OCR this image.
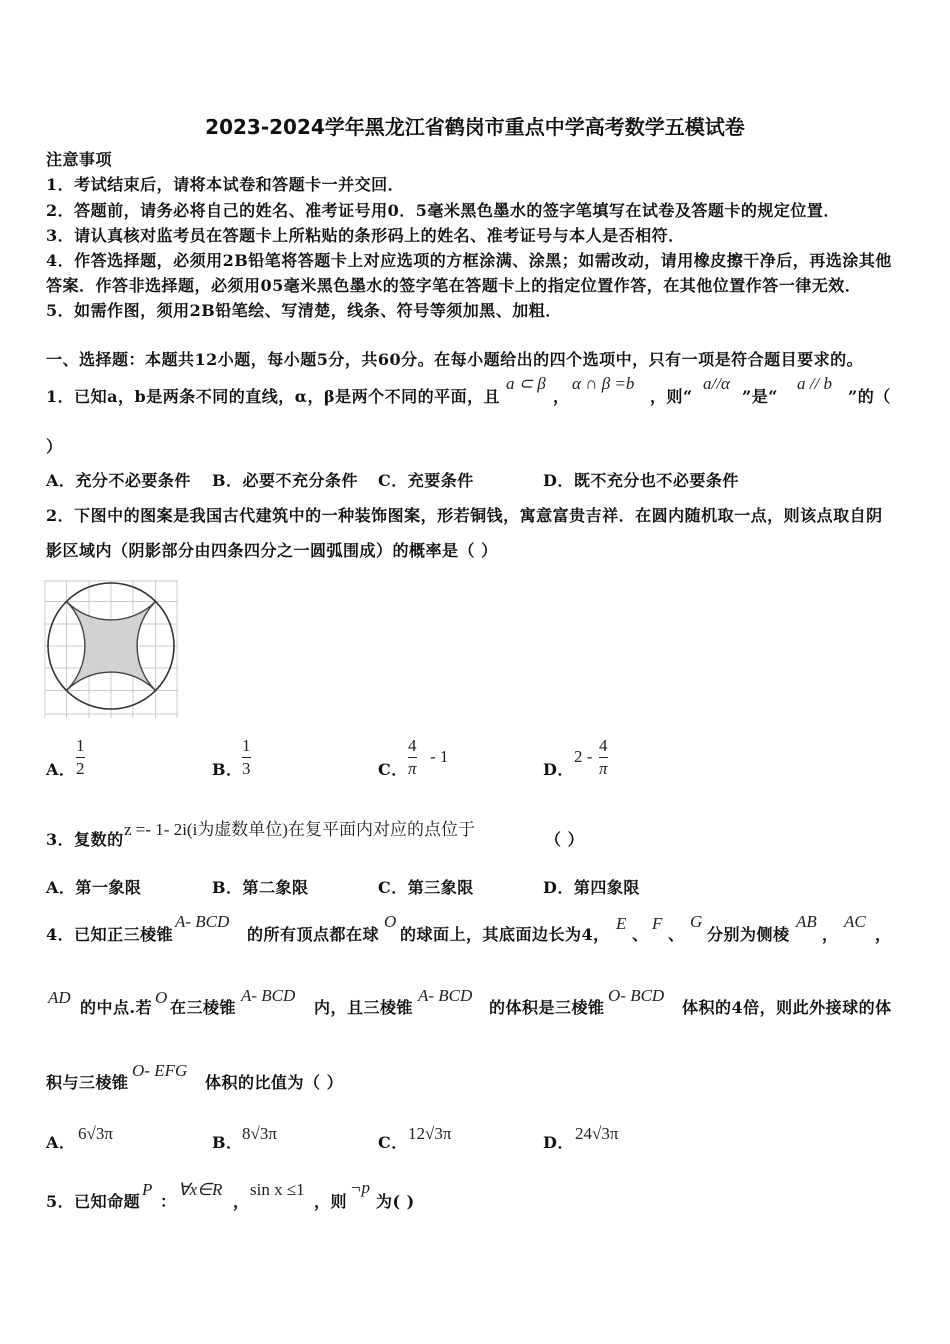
2023-2024学年黑龙江省鹤岗市重点中学高考数学五模试卷
注意事项
1．考试结束后，请将本试卷和答题卡一并交回．
2．答题前，请务必将自己的姓名、准考证号用0．5毫米黑色墨水的签字笔填写在试卷及答题卡的规定位置．
3．请认真核对监考员在答题卡上所粘贴的条形码上的姓名、准考证号与本人是否相符．
4．作答选择题，必须用2B铅笔将答题卡上对应选项的方框涂满、涂黑；如需改动，请用橡皮擦干净后，再选涂其他
答案．作答非选择题，必须用05毫米黑色墨水的签字笔在答题卡上的指定位置作答，在其他位置作答一律无效．
5．如需作图，须用2B铅笔绘、写清楚，线条、符号等须加黑、加粗．
一、选择题：本题共12小题，每小题5分，共60分。在每小题给出的四个选项中，只有一项是符合题目要求的。
1．已知a，b是两条不同的直线，α，β是两个不同的平面，且
a ⊂ β
，
α ∩ β =b
，则“
a//α
”是“
a // b
”的（
）
A．充分不必要条件 B．必要不充分条件 C．充要条件	D．既不充分也不必要条件
2．下图中的图案是我国古代建筑中的一种装饰图案，形若铜钱，寓意富贵吉祥．在圆内随机取一点，则该点取自阴
影区域内（阴影部分由四条四分之一圆弧围成）的概率是（ ）
A．
1
2	B．
1
3	C．
4
π
- 1
D．
2 -
4
π
3．复数的
z =- 1- 2i(i为虚数单位)在复平面内对应的点位于
（ ）
A．第一象限	B．第二象限	C．第三象限	D．第四象限
4．已知正三棱锥
A- BCD
的所有顶点都在球
O
的球面上，其底面边长为4，
E
、
F
、
G
分别为侧棱
AB
，
AC
，
AD
的中点.若
O
在三棱锥
A- BCD
内，且三棱锥
A- BCD
的体积是三棱锥
O- BCD
体积的4倍，则此外接球的体
积与三棱锥
O- EFG
体积的比值为（ ）
A． 6√3π	B． 8√3π	C． 12√3π	D． 24√3π
5．已知命题
P
：
∀x∈R
，
sin x ≤1
，则
¬p
为( )
